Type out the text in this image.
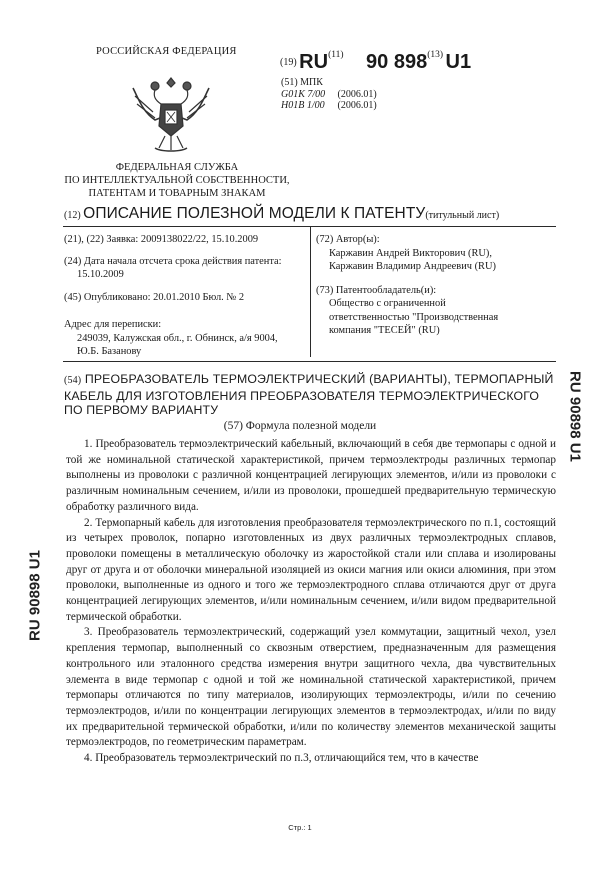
РОССИЙСКАЯ ФЕДЕРАЦИЯ
ФЕДЕРАЛЬНАЯ СЛУЖБА
ПО ИНТЕЛЛЕКТУАЛЬНОЙ СОБСТВЕННОСТИ,
ПАТЕНТАМ И ТОВАРНЫМ ЗНАКАМ
(19) RU$^{(11)}$ 90 898$^{(13)}$ U1
(51) МПК
G01K 7/00 (2006.01)
H01B 1/00 (2006.01)
(12) ОПИСАНИЕ ПОЛЕЗНОЙ МОДЕЛИ К ПАТЕНТУ(титульный лист)
(21), (22) Заявка: 2009138022/22, 15.10.2009
(24) Дата начала отсчета срока действия патента:
15.10.2009
(45) Опубликовано: 20.01.2010 Бюл. № 2
Адрес для переписки:
249039, Калужская обл., г. Обнинск, а/я 9004,
Ю.Б. Базанову
(72) Автор(ы):
Каржавин Андрей Викторович (RU),
Каржавин Владимир Андреевич (RU)
(73) Патентообладатель(и):
Общество с ограниченной
ответственностью "Производственная
компания "ТЕСЕЙ" (RU)
(54) ПРЕОБРАЗОВАТЕЛЬ ТЕРМОЭЛЕКТРИЧЕСКИЙ (ВАРИАНТЫ), ТЕРМОПАРНЫЙ КАБЕЛЬ ДЛЯ ИЗГОТОВЛЕНИЯ ПРЕОБРАЗОВАТЕЛЯ ТЕРМОЭЛЕКТРИЧЕСКОГО ПО ПЕРВОМУ ВАРИАНТУ
(57) Формула полезной модели

1. Преобразователь термоэлектрический кабельный, включающий в себя две термопары с одной и той же номинальной статической характеристикой, причем термоэлектроды различных термопар выполнены из проволоки с различной концентрацией легирующих элементов, и/или из проволоки с различным номинальным сечением, и/или из проволоки, прошедшей предварительную термическую обработку различного вида.

2. Термопарный кабель для изготовления преобразователя термоэлектрического по п.1, состоящий из четырех проволок, попарно изготовленных из двух различных термоэлектродных сплавов, проволоки помещены в металлическую оболочку из жаростойкой стали или сплава и изолированы друг от друга и от оболочки минеральной изоляцией из окиси магния или окиси алюминия, при этом проволоки, выполненные из одного и того же термоэлектродного сплава отличаются друг от друга концентрацией легирующих элементов, и/или номинальным сечением, и/или видом предварительной термической обработки.

3. Преобразователь термоэлектрический, содержащий узел коммутации, защитный чехол, узел крепления термопар, выполненный со сквозным отверстием, предназначенным для размещения контрольного или эталонного средства измерения внутри защитного чехла, два чувствительных элемента в виде термопар с одной и той же номинальной статической характеристикой, причем термопары отличаются по типу материалов, изолирующих термоэлектроды, и/или по сечению термоэлектродов, и/или по концентрации легирующих элементов в термоэлектродах, и/или по виду их предварительной термической обработки, и/или по количеству элементов механической защиты термоэлектродов, по геометрическим параметрам.

4. Преобразователь термоэлектрический по п.3, отличающийся тем, что в качестве

Стр.: 1
RU 90898 U1
RU 90898 U1
